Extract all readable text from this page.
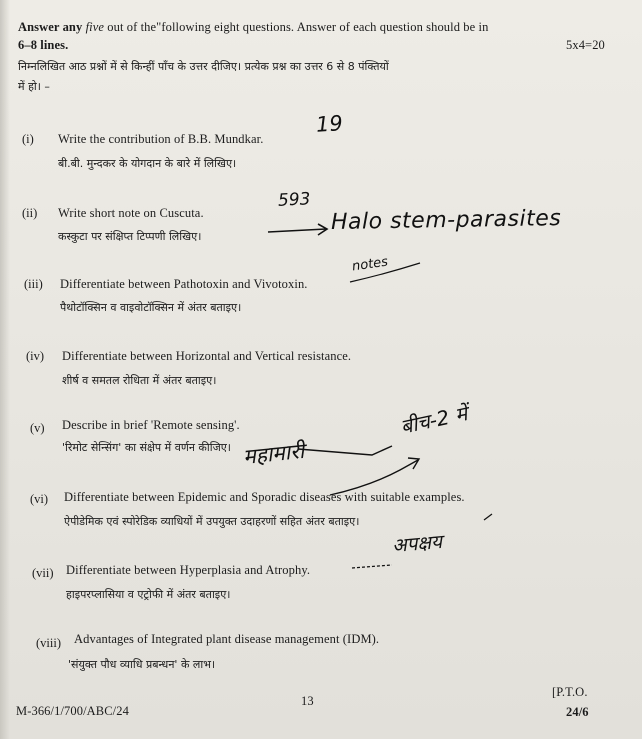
Answer any five out of the"following eight questions. Answer of each question should be in
6–8 lines.	5x4=20
निम्नलिखित आठ प्रश्नों में से किन्हीं पाँच के उत्तर दीजिए। प्रत्येक प्रश्न का उत्तर 6 से 8 पंक्तियों
में हो। –
(i) Write the contribution of B.B. Mundkar.
बी.बी. मुन्दकर के योगदान के बारे में लिखिए।
(ii) Write short note on Cuscuta.
कस्कुटा पर संक्षिप्त टिप्पणी लिखिए।
(iii) Differentiate between Pathotoxin and Vivotoxin.
पैथोटॉक्सिन व वाइवोटॉक्सिन में अंतर बताइए।
(iv) Differentiate between Horizontal and Vertical resistance.
शीर्ष व समतल रोधिता में अंतर बताइए।
(v) Describe in brief 'Remote sensing'.
'रिमोट सेन्सिंग' का संक्षेप में वर्णन कीजिए।
(vi) Differentiate between Epidemic and Sporadic diseases with suitable examples.
ऐपीडेमिक एवं स्पोरेडिक व्याधियों में उपयुक्त उदाहरणों सहित अंतर बताइए।
(vii) Differentiate between Hyperplasia and Atrophy.
हाइपरप्लासिया व एट्रोफी में अंतर बताइए।
(viii) Advantages of Integrated plant disease management (IDM).
'संयुक्त पौध व्याधि प्रबन्धन' के लाभ।
13
[P.T.O.
M-366/1/700/ABC/24	24/6
19
593
Halo stem-parasites
notes
बीच-2 में
महामारी
अपक्षय
